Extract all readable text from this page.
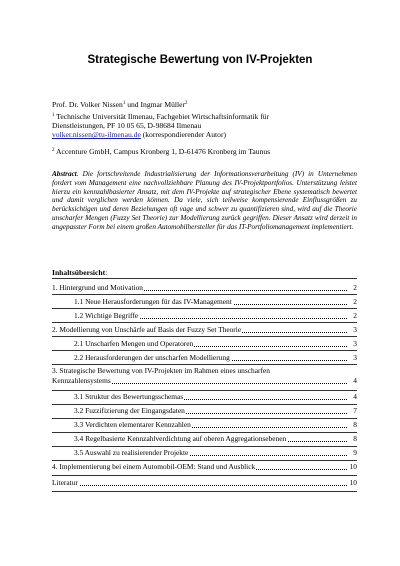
Strategische Bewertung von IV-Projekten
Prof. Dr. Volker Nissen$^1$ und Ingmar Müller$^2$
$^1$ Technische Universität Ilmenau, Fachgebiet Wirtschaftsinformatik für
Dienstleistungen, PF 10 05 65, D-98684 Ilmenau
volker.nissen@tu-ilmenau.de (korrespondierender Autor)
$^2$ Accenture GmbH, Campus Kronberg 1, D-61476 Kronberg im Taunus
Abstract. Die fortschreitende Industrialisierung der Informationsverarbeitung (IV) in Unternehmen fordert vom Management eine nachvollziehbare Planung des IV-Projektportfolios. Unterstützung leistet hierzu ein kennzahlbasierter Ansatz, mit dem IV-Projekte auf strategischer Ebene systematisch bewertet und damit verglichen werden können. Da viele, sich teilweise kompensierende Einflussgrößen zu berücksichtigen und deren Beziehungen oft vage und schwer zu quantifizieren sind, wird auf die Theorie unscharfer Mengen (Fuzzy Set Theorie) zur Modellierung zurück gegriffen. Dieser Ansatz wird derzeit in angepasster Form bei einem großen Automobilhersteller für das IT-Portfoliomanagement implementiert.
Inhaltsübersicht:
1. Hintergrund und Motivation	2
1.1 Neue Herausforderungen für das IV-Management	2
1.2 Wichtige Begriffe	2
2. Modellierung von Unschärfe auf Basis der Fuzzy Set Theorie	3
2.1 Unscharfen Mengen und Operatoren	3
2.2 Herausforderungen der unscharfen Modellierung	3
3. Strategische Bewertung von IV-Projekten im Rahmen eines unscharfen
Kennzahlensystems	4
3.1 Struktur des Bewertungsschemas	4
3.2 Fuzzifizierung der Eingangsdaten	7
3.3 Verdichten elementarer Kennzahlen	8
3.4 Regelbasierte Kennzahlverdichtung auf oberen Aggregationsebenen	8
3.5 Auswahl zu realisierender Projekte	9
4. Implementierung bei einem Automobil-OEM: Stand und Ausblick	10
Literatur	10
